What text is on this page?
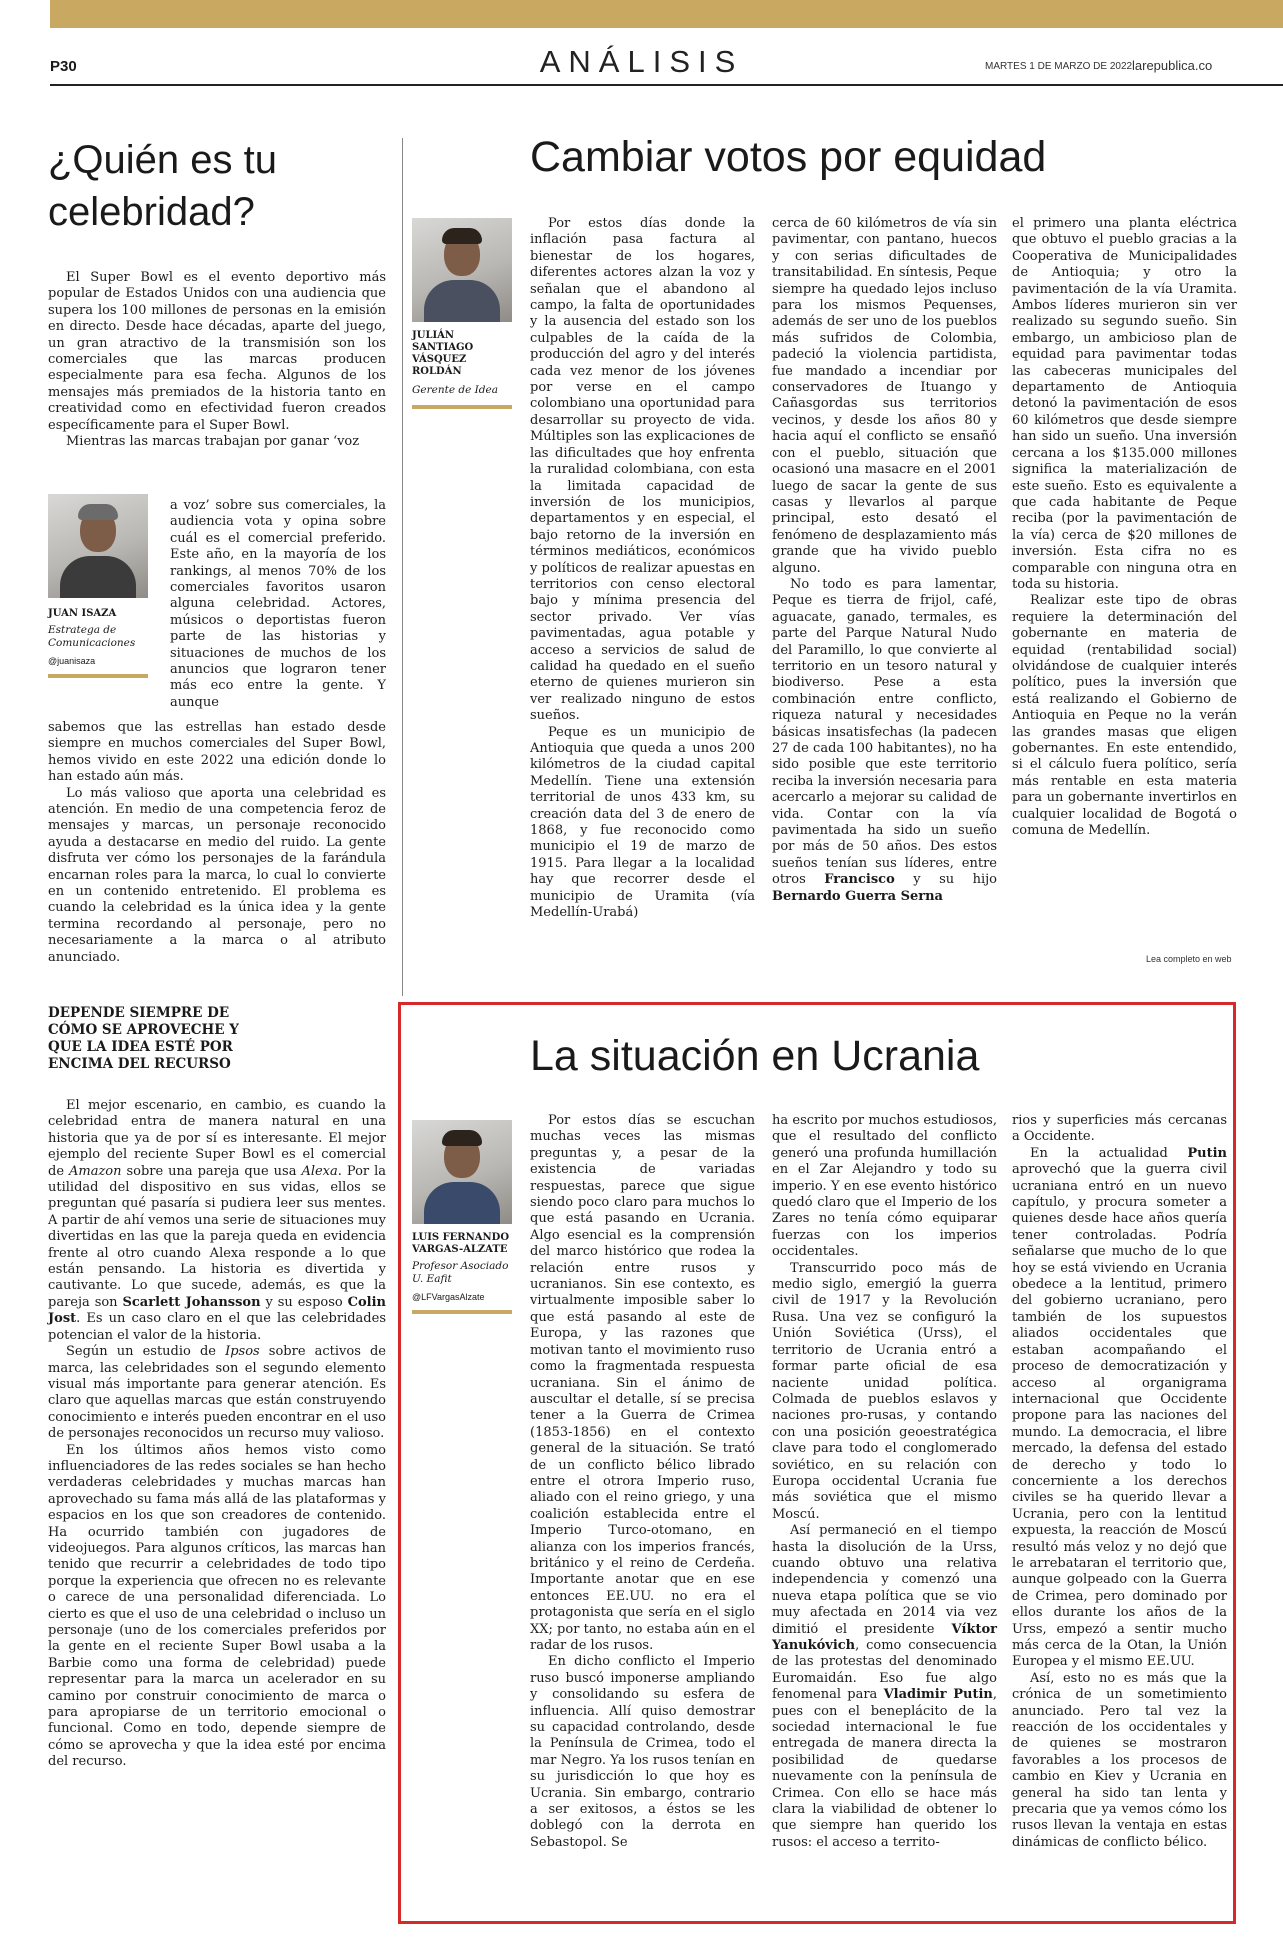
P30	ANÁLISIS	MARTES 1 DE MARZO DE 2022 larepublica.co
¿Quién es tu
celebridad?

El Super Bowl es el evento deportivo más popular de Estados Unidos con una audiencia que supera los 100 millones de personas en la emisión en directo. Desde hace décadas, aparte del juego, un gran atractivo de la transmisión son los comerciales que las marcas producen especialmente para esa fecha. Algunos de los mensajes más premiados de la historia tanto en creatividad como en efectividad fueron creados específicamente para el Super Bowl.

Mientras las marcas trabajan por ganar ‘voz

JUAN ISAZA
Estratega de Comunicaciones
@juanisaza

a voz’ sobre sus comerciales, la audiencia vota y opina sobre cuál es el comercial preferido. Este año, en la mayoría de los rankings, al menos 70% de los comerciales favoritos usaron alguna celebridad. Actores, músicos o deportistas fueron parte de las historias y situaciones de muchos de los anuncios que lograron tener más eco entre la gente. Y aunque

sabemos que las estrellas han estado desde siempre en muchos comerciales del Super Bowl, hemos vivido en este 2022 una edición donde lo han estado aún más.

Lo más valioso que aporta una celebridad es atención. En medio de una competencia feroz de mensajes y marcas, un personaje reconocido ayuda a destacarse en medio del ruido. La gente disfruta ver cómo los personajes de la farándula encarnan roles para la marca, lo cual lo convierte en un contenido entretenido. El problema es cuando la celebridad es la única idea y la gente termina recordando al personaje, pero no necesariamente a la marca o al atributo anunciado.

DEPENDE SIEMPRE DE CÓMO SE APROVECHE Y QUE LA IDEA ESTÉ POR ENCIMA DEL RECURSO

El mejor escenario, en cambio, es cuando la celebridad entra de manera natural en una historia que ya de por sí es interesante. El mejor ejemplo del reciente Super Bowl es el comercial de Amazon sobre una pareja que usa Alexa. Por la utilidad del dispositivo en sus vidas, ellos se preguntan qué pasaría si pudiera leer sus mentes. A partir de ahí vemos una serie de situaciones muy divertidas en las que la pareja queda en evidencia frente al otro cuando Alexa responde a lo que están pensando. La historia es divertida y cautivante. Lo que sucede, además, es que la pareja son Scarlett Johansson y su esposo Colin Jost. Es un caso claro en el que las celebridades potencian el valor de la historia.

Según un estudio de Ipsos sobre activos de marca, las celebridades son el segundo elemento visual más importante para generar atención. Es claro que aquellas marcas que están construyendo conocimiento e interés pueden encontrar en el uso de personajes reconocidos un recurso muy valioso.

En los últimos años hemos visto como influenciadores de las redes sociales se han hecho verdaderas celebridades y muchas marcas han aprovechado su fama más allá de las plataformas y espacios en los que son creadores de contenido. Ha ocurrido también con jugadores de videojuegos. Para algunos críticos, las marcas han tenido que recurrir a celebridades de todo tipo porque la experiencia que ofrecen no es relevante o carece de una personalidad diferenciada. Lo cierto es que el uso de una celebridad o incluso un personaje (uno de los comerciales preferidos por la gente en el reciente Super Bowl usaba a la Barbie como una forma de celebridad) puede representar para la marca un acelerador en su camino por construir conocimiento de marca o para apropiarse de un territorio emocional o funcional. Como en todo, depende siempre de cómo se aprovecha y que la idea esté por encima del recurso.

Cambiar votos por equidad
JULIÁN
SANTIAGO
VÁSQUEZ
ROLDÁN
Gerente de Idea

Por estos días donde la inflación pasa factura al bienestar de los hogares, diferentes actores alzan la voz y señalan que el abandono al campo, la falta de oportunidades y la ausencia del estado son los culpables de la caída de la producción del agro y del interés cada vez menor de los jóvenes por verse en el campo colombiano una oportunidad para desarrollar su proyecto de vida. Múltiples son las explicaciones de las dificultades que hoy enfrenta la ruralidad colombiana, con esta la limitada capacidad de inversión de los municipios, departamentos y en especial, el bajo retorno de la inversión en términos mediáticos, económicos y políticos de realizar apuestas en territorios con censo electoral bajo y mínima presencia del sector privado. Ver vías pavimentadas, agua potable y acceso a servicios de salud de calidad ha quedado en el sueño eterno de quienes murieron sin ver realizado ninguno de estos sueños.

Peque es un municipio de Antioquia que queda a unos 200 kilómetros de la ciudad capital Medellín. Tiene una extensión territorial de unos 433 km, su creación data del 3 de enero de 1868, y fue reconocido como municipio el 19 de marzo de 1915. Para llegar a la localidad hay que recorrer desde el municipio de Uramita (vía Medellín-Urabá)

cerca de 60 kilómetros de vía sin pavimentar, con pantano, huecos y con serias dificultades de transitabilidad. En síntesis, Peque siempre ha quedado lejos incluso para los mismos Pequenses, además de ser uno de los pueblos más sufridos de Colombia, padeció la violencia partidista, fue mandado a incendiar por conservadores de Ituango y Cañasgordas sus territorios vecinos, y desde los años 80 y hacia aquí el conflicto se ensañó con el pueblo, situación que ocasionó una masacre en el 2001 luego de sacar la gente de sus casas y llevarlos al parque principal, esto desató el fenómeno de desplazamiento más grande que ha vivido pueblo alguno.

No todo es para lamentar, Peque es tierra de frijol, café, aguacate, ganado, termales, es parte del Parque Natural Nudo del Paramillo, lo que convierte al territorio en un tesoro natural y biodiverso. Pese a esta combinación entre conflicto, riqueza natural y necesidades básicas insatisfechas (la padecen 27 de cada 100 habitantes), no ha sido posible que este territorio reciba la inversión necesaria para acercarlo a mejorar su calidad de vida. Contar con la vía pavimentada ha sido un sueño por más de 50 años. Des estos sueños tenían sus líderes, entre otros Francisco y su hijo Bernardo Guerra Serna

el primero una planta eléctrica que obtuvo el pueblo gracias a la Cooperativa de Municipalidades de Antioquia; y otro la pavimentación de la vía Uramita. Ambos líderes murieron sin ver realizado su segundo sueño. Sin embargo, un ambicioso plan de equidad para pavimentar todas las cabeceras municipales del departamento de Antioquia detonó la pavimentación de esos 60 kilómetros que desde siempre han sido un sueño. Una inversión cercana a los $135.000 millones significa la materialización de este sueño. Esto es equivalente a que cada habitante de Peque reciba (por la pavimentación de la vía) cerca de $20 millones de inversión. Esta cifra no es comparable con ninguna otra en toda su historia.

Realizar este tipo de obras requiere la determinación del gobernante en materia de equidad (rentabilidad social) olvidándose de cualquier interés político, pues la inversión que está realizando el Gobierno de Antioquia en Peque no la verán las grandes masas que eligen gobernantes. En este entendido, si el cálculo fuera político, sería más rentable en esta materia para un gobernante invertirlos en cualquier localidad de Bogotá o comuna de Medellín.

Lea completo en web
La situación en Ucrania
LUIS FERNANDO
VARGAS-ALZATE
Profesor Asociado
U. Eafit
@LFVargasAlzate

Por estos días se escuchan muchas veces las mismas preguntas y, a pesar de la existencia de variadas respuestas, parece que sigue siendo poco claro para muchos lo que está pasando en Ucrania. Algo esencial es la comprensión del marco histórico que rodea la relación entre rusos y ucranianos. Sin ese contexto, es virtualmente imposible saber lo que está pasando al este de Europa, y las razones que motivan tanto el movimiento ruso como la fragmentada respuesta ucraniana. Sin el ánimo de auscultar el detalle, sí se precisa tener a la Guerra de Crimea (1853-1856) en el contexto general de la situación. Se trató de un conflicto bélico librado entre el otrora Imperio ruso, aliado con el reino griego, y una coalición establecida entre el Imperio Turco-otomano, en alianza con los imperios francés, británico y el reino de Cerdeña. Importante anotar que en ese entonces EE.UU. no era el protagonista que sería en el siglo XX; por tanto, no estaba aún en el radar de los rusos.

En dicho conflicto el Imperio ruso buscó imponerse ampliando y consolidando su esfera de influencia. Allí quiso demostrar su capacidad controlando, desde la Península de Crimea, todo el mar Negro. Ya los rusos tenían en su jurisdicción lo que hoy es Ucrania. Sin embargo, contrario a ser exitosos, a éstos se les doblegó con la derrota en Sebastopol. Se

ha escrito por muchos estudiosos, que el resultado del conflicto generó una profunda humillación en el Zar Alejandro y todo su imperio. Y en ese evento histórico quedó claro que el Imperio de los Zares no tenía cómo equiparar fuerzas con los imperios occidentales.

Transcurrido poco más de medio siglo, emergió la guerra civil de 1917 y la Revolución Rusa. Una vez se configuró la Unión Soviética (Urss), el territorio de Ucrania entró a formar parte oficial de esa naciente unidad política. Colmada de pueblos eslavos y naciones pro-rusas, y contando con una posición geoestratégica clave para todo el conglomerado soviético, en su relación con Europa occidental Ucrania fue más soviética que el mismo Moscú.

Así permaneció en el tiempo hasta la disolución de la Urss, cuando obtuvo una relativa independencia y comenzó una nueva etapa política que se vio muy afectada en 2014 via vez dimitió el presidente Víktor Yanukóvich, como consecuencia de las protestas del denominado Euromaidán. Eso fue algo fenomenal para Vladimir Putin, pues con el beneplácito de la sociedad internacional le fue entregada de manera directa la posibilidad de quedarse nuevamente con la península de Crimea. Con ello se hace más clara la viabilidad de obtener lo que siempre han querido los rusos: el acceso a territo-

rios y superficies más cercanas a Occidente.

En la actualidad Putin aprovechó que la guerra civil ucraniana entró en un nuevo capítulo, y procura someter a quienes desde hace años quería tener controladas. Podría señalarse que mucho de lo que hoy se está viviendo en Ucrania obedece a la lentitud, primero del gobierno ucraniano, pero también de los supuestos aliados occidentales que estaban acompañando el proceso de democratización y acceso al organigrama internacional que Occidente propone para las naciones del mundo. La democracia, el libre mercado, la defensa del estado de derecho y todo lo concerniente a los derechos civiles se ha querido llevar a Ucrania, pero con la lentitud expuesta, la reacción de Moscú resultó más veloz y no dejó que le arrebataran el territorio que, aunque golpeado con la Guerra de Crimea, pero dominado por ellos durante los años de la Urss, empezó a sentir mucho más cerca de la Otan, la Unión Europea y el mismo EE.UU.

Así, esto no es más que la crónica de un sometimiento anunciado. Pero tal vez la reacción de los occidentales y de quienes se mostraron favorables a los procesos de cambio en Kiev y Ucrania en general ha sido tan lenta y precaria que ya vemos cómo los rusos llevan la ventaja en estas dinámicas de conflicto bélico.
